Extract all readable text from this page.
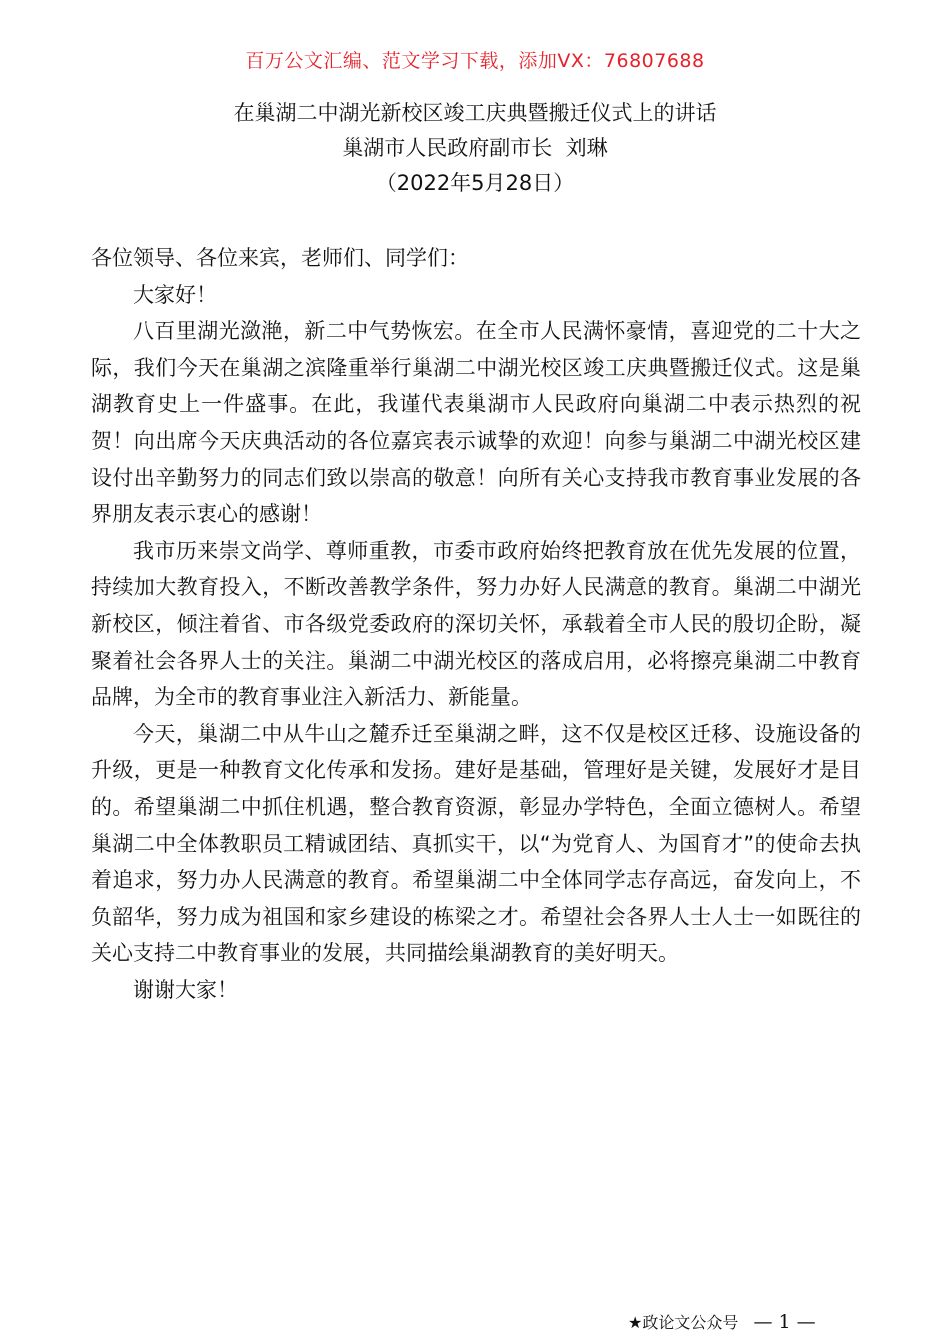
百万公文汇编、范文学习下载，添加VX：76807688
在巢湖二中湖光新校区竣工庆典暨搬迁仪式上的讲话
巢湖市人民政府副市长  刘琳
（2022年5月28日）

各位领导、各位来宾，老师们、同学们：

大家好！

八百里湖光潋滟，新二中气势恢宏。在全市人民满怀豪情，喜迎党的二十大之际，我们今天在巢湖之滨隆重举行巢湖二中湖光校区竣工庆典暨搬迁仪式。这是巢湖教育史上一件盛事。在此，我谨代表巢湖市人民政府向巢湖二中表示热烈的祝贺！向出席今天庆典活动的各位嘉宾表示诚挚的欢迎！向参与巢湖二中湖光校区建设付出辛勤努力的同志们致以崇高的敬意！向所有关心支持我市教育事业发展的各界朋友表示衷心的感谢！

我市历来崇文尚学、尊师重教，市委市政府始终把教育放在优先发展的位置，持续加大教育投入，不断改善教学条件，努力办好人民满意的教育。巢湖二中湖光新校区，倾注着省、市各级党委政府的深切关怀，承载着全市人民的殷切企盼，凝聚着社会各界人士的关注。巢湖二中湖光校区的落成启用，必将擦亮巢湖二中教育品牌，为全市的教育事业注入新活力、新能量。

今天，巢湖二中从牛山之麓乔迁至巢湖之畔，这不仅是校区迁移、设施设备的升级，更是一种教育文化传承和发扬。建好是基础，管理好是关键，发展好才是目的。希望巢湖二中抓住机遇，整合教育资源，彰显办学特色，全面立德树人。希望巢湖二中全体教职员工精诚团结、真抓实干，以“为党育人、为国育才”的使命去执着追求，努力办人民满意的教育。希望巢湖二中全体同学志存高远，奋发向上，不负韶华，努力成为祖国和家乡建设的栋梁之才。希望社会各界人士人士一如既往的关心支持二中教育事业的发展，共同描绘巢湖教育的美好明天。

谢谢大家！

★政论文公众号 — 1 —
